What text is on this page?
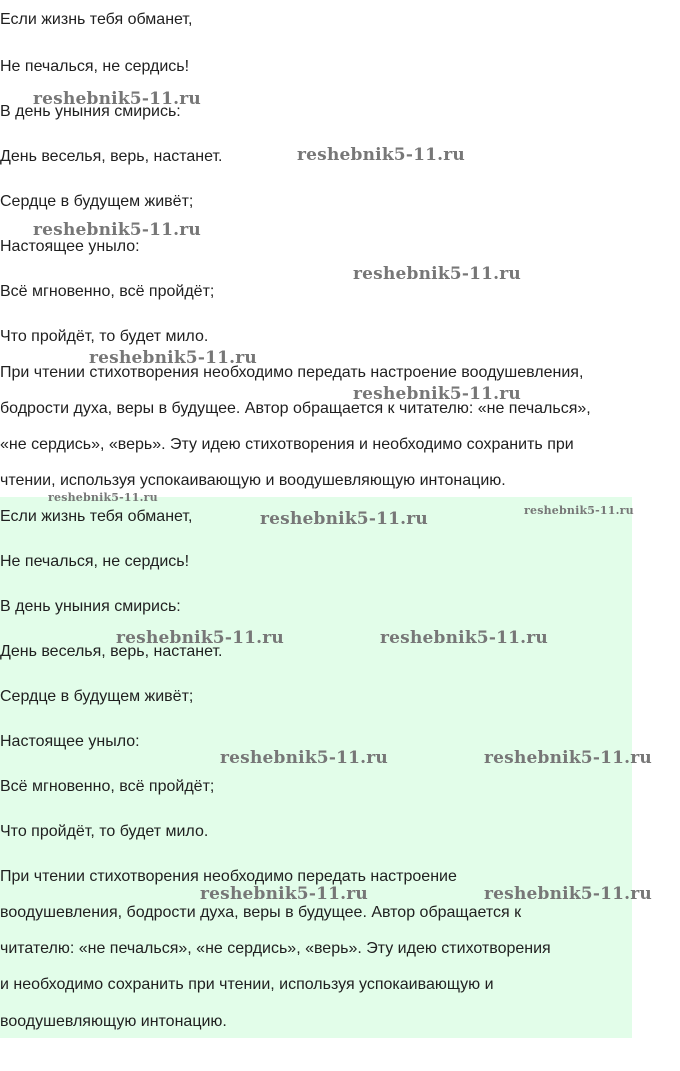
Если жизнь тебя обманет,
Не печалься, не сердись!
В день уныния смирись:
День веселья, верь, настанет.
Сердце в будущем живёт;
Настоящее уныло:
Всё мгновенно, всё пройдёт;
Что пройдёт, то будет мило.
При чтении стихотворения необходимо передать настроение воодушевления,
бодрости духа, веры в будущее. Автор обращается к читателю: «не печалься»,
«не сердись», «верь». Эту идею стихотворения и необходимо сохранить при
чтении, используя успокаивающую и воодушевляющую интонацию.
Если жизнь тебя обманет,
Не печалься, не сердись!
В день уныния смирись:
День веселья, верь, настанет.
Сердце в будущем живёт;
Настоящее уныло:
Всё мгновенно, всё пройдёт;
Что пройдёт, то будет мило.
При чтении стихотворения необходимо передать настроение
воодушевления, бодрости духа, веры в будущее. Автор обращается к
читателю: «не печалься», «не сердись», «верь». Эту идею стихотворения
и необходимо сохранить при чтении, используя успокаивающую и
воодушевляющую интонацию.
reshebnik5-11.ru
reshebnik5-11.ru
reshebnik5-11.ru
reshebnik5-11.ru
reshebnik5-11.ru
reshebnik5-11.ru
reshebnik5-11.ru
reshebnik5-11.ru	reshebnik5-11.ru
reshebnik5-11.ru	reshebnik5-11.ru
reshebnik5-11.ru	reshebnik5-11.ru
reshebnik5-11.ru	reshebnik5-11.ru
